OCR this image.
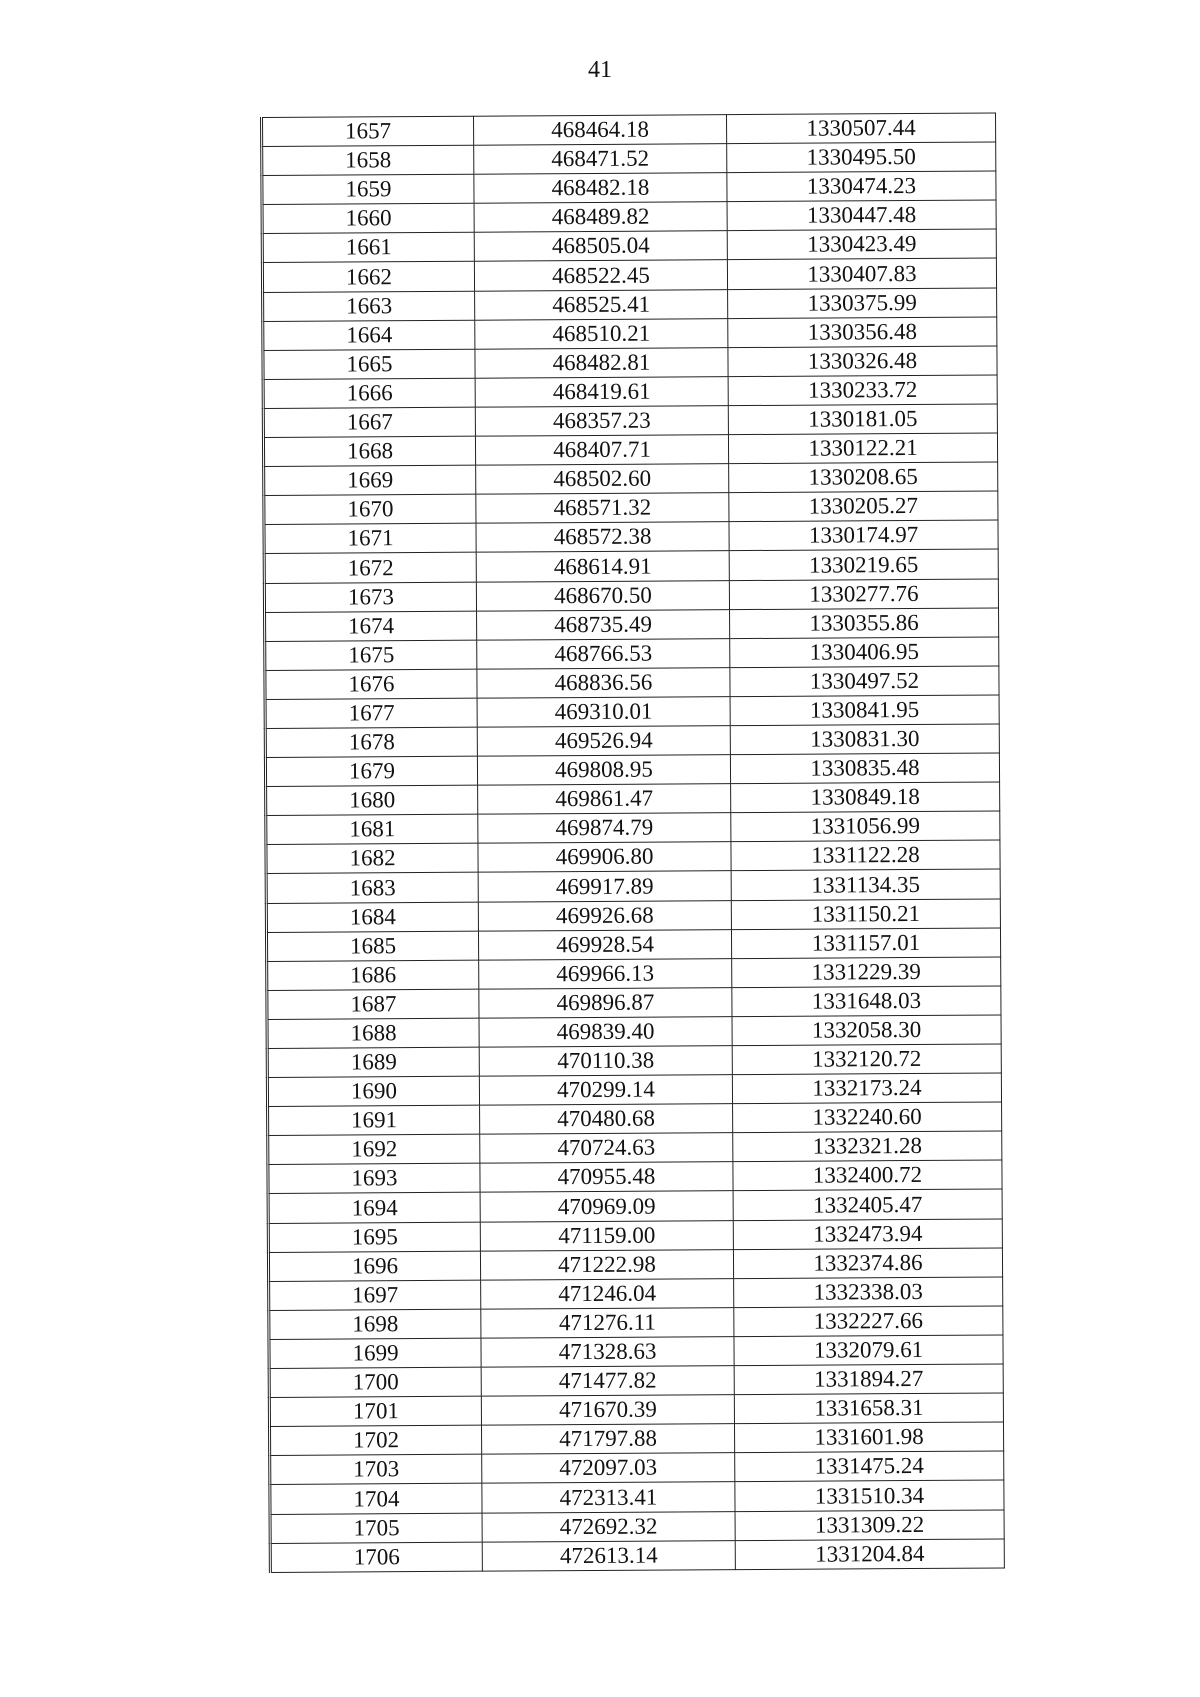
41
1657	468464.18	1330507.44
1658	468471.52	1330495.50
1659	468482.18	1330474.23
1660	468489.82	1330447.48
1661	468505.04	1330423.49
1662	468522.45	1330407.83
1663	468525.41	1330375.99
1664	468510.21	1330356.48
1665	468482.81	1330326.48
1666	468419.61	1330233.72
1667	468357.23	1330181.05
1668	468407.71	1330122.21
1669	468502.60	1330208.65
1670	468571.32	1330205.27
1671	468572.38	1330174.97
1672	468614.91	1330219.65
1673	468670.50	1330277.76
1674	468735.49	1330355.86
1675	468766.53	1330406.95
1676	468836.56	1330497.52
1677	469310.01	1330841.95
1678	469526.94	1330831.30
1679	469808.95	1330835.48
1680	469861.47	1330849.18
1681	469874.79	1331056.99
1682	469906.80	1331122.28
1683	469917.89	1331134.35
1684	469926.68	1331150.21
1685	469928.54	1331157.01
1686	469966.13	1331229.39
1687	469896.87	1331648.03
1688	469839.40	1332058.30
1689	470110.38	1332120.72
1690	470299.14	1332173.24
1691	470480.68	1332240.60
1692	470724.63	1332321.28
1693	470955.48	1332400.72
1694	470969.09	1332405.47
1695	471159.00	1332473.94
1696	471222.98	1332374.86
1697	471246.04	1332338.03
1698	471276.11	1332227.66
1699	471328.63	1332079.61
1700	471477.82	1331894.27
1701	471670.39	1331658.31
1702	471797.88	1331601.98
1703	472097.03	1331475.24
1704	472313.41	1331510.34
1705	472692.32	1331309.22
1706	472613.14	1331204.84
